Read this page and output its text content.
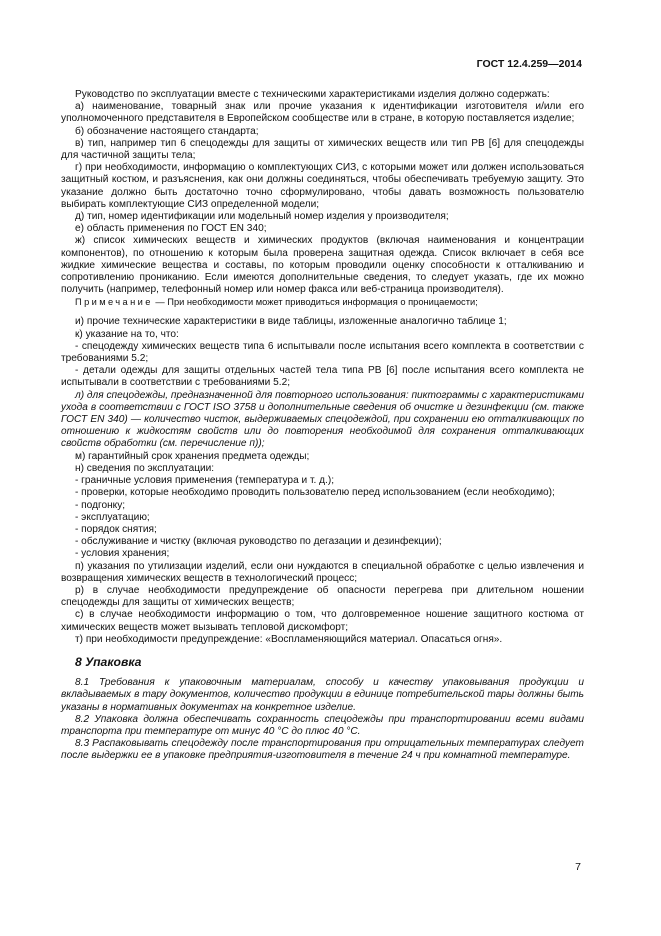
ГОСТ 12.4.259—2014

Руководство по эксплуатации вместе с техническими характеристиками изделия должно содержать:

а) наименование, товарный знак или прочие указания к идентификации изготовителя и/или его уполномоченного представителя в Европейском сообществе или в стране, в которую поставляется изделие;

б) обозначение настоящего стандарта;

в) тип, например тип 6 спецодежды для защиты от химических веществ или тип PB [6] для спецодежды для частичной защиты тела;

г) при необходимости, информацию о комплектующих СИЗ, с которыми может или должен использоваться защитный костюм, и разъяснения, как они должны соединяться, чтобы обеспечивать требуемую защиту. Это указание должно быть достаточно точно сформулировано, чтобы давать возможность пользователю выбирать комплектующие СИЗ определенной модели;

д) тип, номер идентификации или модельный номер изделия у производителя;

е) область применения по ГОСТ EN 340;

ж) список химических веществ и химических продуктов (включая наименования и концентрации компонентов), по отношению к которым была проверена защитная одежда. Список включает в себя все жидкие химические вещества и составы, по которым проводили оценку способности к отталкиванию и сопротивлению прониканию. Если имеются дополнительные сведения, то следует указать, где их можно получить (например, телефонный номер или номер факса или веб-страница производителя).

Примечание — При необходимости может приводиться информация о проницаемости;

и) прочие технические характеристики в виде таблицы, изложенные аналогично таблице 1;

к) указание на то, что:

- спецодежду химических веществ типа 6 испытывали после испытания всего комплекта в соответствии с требованиями 5.2;

- детали одежды для защиты отдельных частей тела типа PB [6] после испытания всего комплекта не испытывали в соответствии с требованиями 5.2;

л) для спецодежды, предназначенной для повторного использования: пиктограммы с характеристиками ухода в соответствии с ГОСТ ISO 3758 и дополнительные сведения об очистке и дезинфекции (см. также ГОСТ EN 340) — количество чисток, выдерживаемых спецодеждой, при сохранении ею отталкивающих по отношению к жидкостям свойств или до повторения необходимой для сохранения отталкивающих свойств обработки (см. перечисление п));

м) гарантийный срок хранения предмета одежды;

н) сведения по эксплуатации:

- граничные условия применения (температура и т. д.);

- проверки, которые необходимо проводить пользователю перед использованием (если необходимо);

- подгонку;

- эксплуатацию;

- порядок снятия;

- обслуживание и чистку (включая руководство по дегазации и дезинфекции);

- условия хранения;

п) указания по утилизации изделий, если они нуждаются в специальной обработке с целью извлечения и возвращения химических веществ в технологический процесс;

р) в случае необходимости предупреждение об опасности перегрева при длительном ношении спецодежды для защиты от химических веществ;

с) в случае необходимости информацию о том, что долговременное ношение защитного костюма от химических веществ может вызывать тепловой дискомфорт;

т) при необходимости предупреждение: «Воспламеняющийся материал. Опасаться огня».

8 Упаковка

8.1 Требования к упаковочным материалам, способу и качеству упаковывания продукции и вкладываемых в тару документов, количество продукции в единице потребительской тары должны быть указаны в нормативных документах на конкретное изделие.

8.2 Упаковка должна обеспечивать сохранность спецодежды при транспортировании всеми видами транспорта при температуре от минус 40 °С до плюс 40 °С.

8.3 Распаковывать спецодежду после транспортирования при отрицательных температурах следует после выдержки ее в упаковке предприятия-изготовителя в течение 24 ч при комнатной температуре.

7
